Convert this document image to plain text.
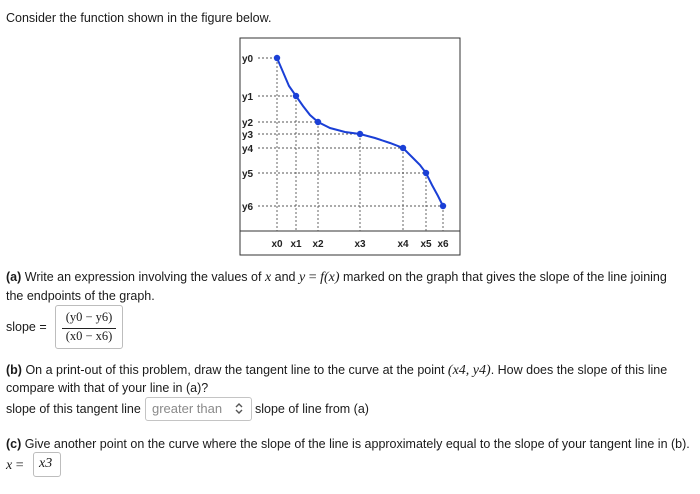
Consider the function shown in the figure below.
y0
y1
y2
y3
y4
y5
y6
x0 x1 x2	x3	x4 x5 x6
(a) Write an expression involving the values of x and y = f(x) marked on the graph that gives the slope of the line joining
the endpoints of the graph.
slope =
(y0 − y6)
(x0 − x6)
(b) On a print-out of this problem, draw the tangent line to the curve at the point (x4, y4). How does the slope of this line
compare with that of your line in (a)?
slope of this tangent line greater than	slope of line from (a)
(c) Give another point on the curve where the slope of the line is approximately equal to the slope of your tangent line in (b).
x = x3
